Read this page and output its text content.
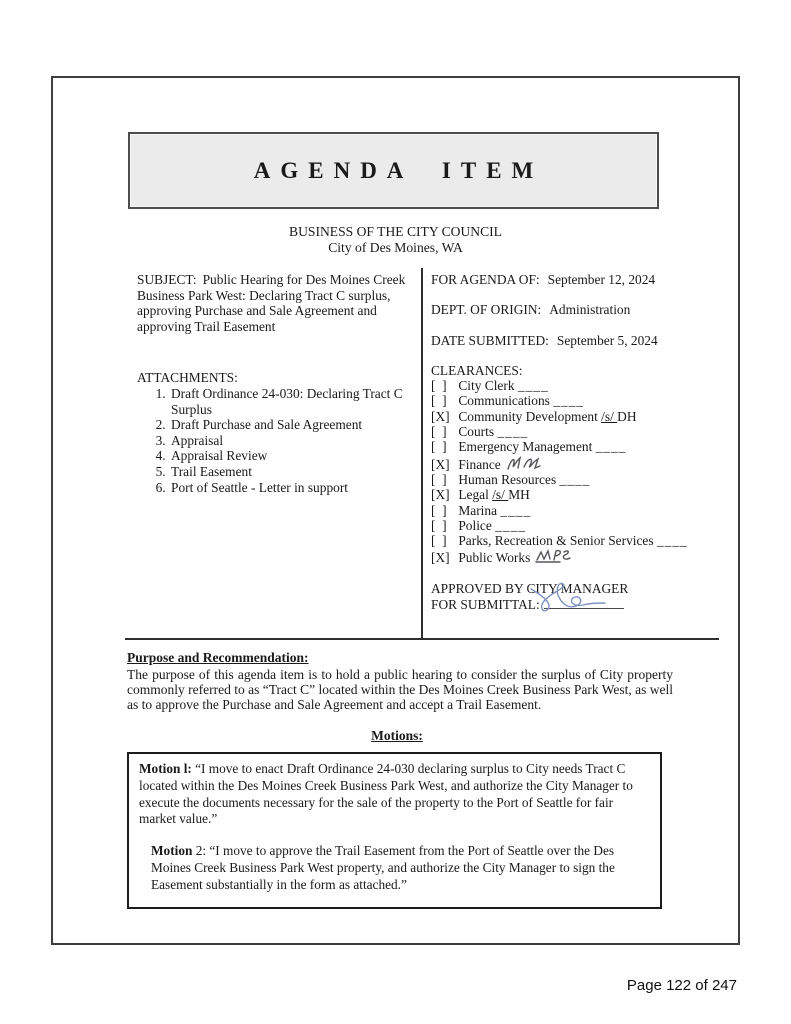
AGENDA ITEM
BUSINESS OF THE CITY COUNCIL
City of Des Moines, WA

SUBJECT: Public Hearing for Des Moines Creek Business Park West: Declaring Tract C surplus, approving Purchase and Sale Agreement and approving Trail Easement

ATTACHMENTS:
1. Draft Ordinance 24-030: Declaring Tract C Surplus
2. Draft Purchase and Sale Agreement
3. Appraisal
4. Appraisal Review
5. Trail Easement
6. Port of Seattle - Letter in support
FOR AGENDA OF: September 12, 2024
DEPT. OF ORIGIN: Administration
DATE SUBMITTED: September 5, 2024
CLEARANCES:
[  ] City Clerk ____
[  ] Communications ____
[X] Community Development /s/ DH
[  ] Courts ____
[  ] Emergency Management ____
[X] Finance
[  ] Human Resources ____
[X] Legal /s/ MH
[  ] Marina ____
[  ] Police ____
[  ] Parks, Recreation & Senior Services ____
[X] Public Works
APPROVED BY CITY MANAGER
FOR SUBMITTAL:
Purpose and Recommendation:

The purpose of this agenda item is to hold a public hearing to consider the surplus of City property commonly referred to as “Tract C” located within the Des Moines Creek Business Park West, as well as to approve the Purchase and Sale Agreement and accept a Trail Easement.

Motions:

Motion l: “I move to enact Draft Ordinance 24-030 declaring surplus to City needs Tract C located within the Des Moines Creek Business Park West, and authorize the City Manager to execute the documents necessary for the sale of the property to the Port of Seattle for fair market value.”

Motion 2: “I move to approve the Trail Easement from the Port of Seattle over the Des Moines Creek Business Park West property, and authorize the City Manager to sign the Easement substantially in the form as attached.”

Page 122 of 247
